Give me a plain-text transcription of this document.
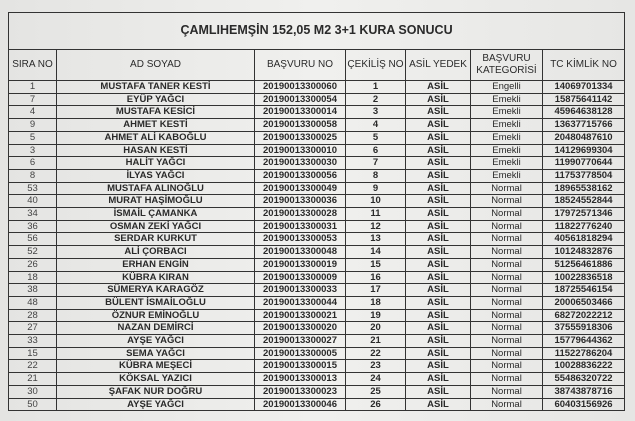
ÇAMLIHEMŞİN 152,05 M2 3+1 KURA SONUCU						
SIRA NO	AD SOYAD	BAŞVURU NO	ÇEKİLİŞ NO	ASİL YEDEK	BAŞVURU KATEGORİSİ	TC KİMLİK NO
1	MUSTAFA TANER KESTİ	20190013300060	1	ASİL	Engelli	14069701334
7	EYÜP YAĞCI	20190013300054	2	ASİL	Emekli	15875641142
4	MUSTAFA KESİCİ	20190013300014	3	ASİL	Emekli	45964638128
9	AHMET KESTİ	20190013300058	4	ASİL	Emekli	13637715766
5	AHMET ALİ KABOĞLU	20190013300025	5	ASİL	Emekli	20480487610
3	HASAN KESTİ	20190013300010	6	ASİL	Emekli	14129699304
6	HALİT YAĞCI	20190013300030	7	ASİL	Emekli	11990770644
8	İLYAS YAĞCI	20190013300056	8	ASİL	Emekli	11753778504
53	MUSTAFA ALINOĞLU	20190013300049	9	ASİL	Normal	18965538162
40	MURAT HAŞİMOĞLU	20190013300036	10	ASİL	Normal	18524552844
34	İSMAİL ÇAMANKA	20190013300028	11	ASİL	Normal	17972571346
36	OSMAN ZEKİ YAĞCI	20190013300031	12	ASİL	Normal	11822776240
56	SERDAR KURKUT	20190013300053	13	ASİL	Normal	40561818294
52	ALİ ÇORBACI	20190013300048	14	ASİL	Normal	10124832876
26	ERHAN ENGİN	20190013300019	15	ASİL	Normal	51256461886
18	KÜBRA KIRAN	20190013300009	16	ASİL	Normal	10022836518
38	SÜMERYA KARAGÖZ	20190013300033	17	ASİL	Normal	18725546154
48	BÜLENT İSMAİLOĞLU	20190013300044	18	ASİL	Normal	20006503466
28	ÖZNUR EMİNOĞLU	20190013300021	19	ASİL	Normal	68272022212
27	NAZAN DEMİRCİ	20190013300020	20	ASİL	Normal	37555918306
33	AYŞE YAĞCI	20190013300027	21	ASİL	Normal	15779644362
15	SEMA YAĞCI	20190013300005	22	ASİL	Normal	11522786204
22	KÜBRA MEŞECİ	20190013300015	23	ASİL	Normal	10028836222
21	KÖKSAL YAZICI	20190013300013	24	ASİL	Normal	55486320722
30	ŞAFAK NUR DOĞRU	20190013300023	25	ASİL	Normal	38743878716
50	AYŞE YAĞCI	20190013300046	26	ASİL	Normal	60403156926
